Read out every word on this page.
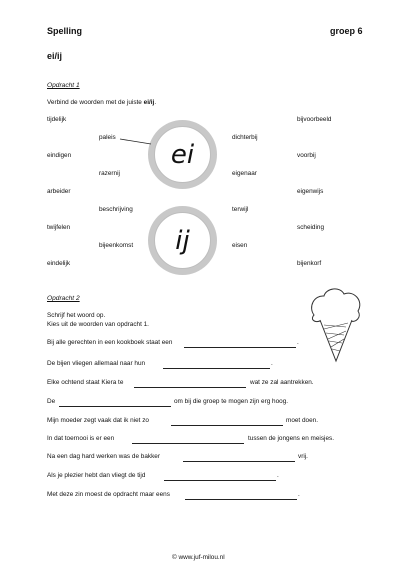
Spelling	groep 6
ei/ij
Opdracht 1
Verbind de woorden met de juiste ei/ij.
ei
ij
tijdelijk
eindigen
arbeider
twijfelen
eindelijk
paleis
razernij
beschrijving
bijeenkomst
dichterbij
eigenaar
terwijl
eisen
bijvoorbeeld
voorbij
eigenwijs
scheiding
bijenkorf
Opdracht 2
Schrijf het woord op.
Kies uit de woorden van opdracht 1.
Bij alle gerechten in een kookboek staat een	.
De bijen vliegen allemaal naar hun	.
Elke ochtend staat Kiera te	wat ze zal aantrekken.
De	om bij die groep te mogen zijn erg hoog.
Mijn moeder zegt vaak dat ik niet zo	moet doen.
In dat toernooi is er een	tussen de jongens en meisjes.
Na een dag hard werken was de bakker	vrij.
Als je plezier hebt dan vliegt de tijd	.
Met deze zin moest de opdracht maar eens	.
© www.juf-milou.nl
